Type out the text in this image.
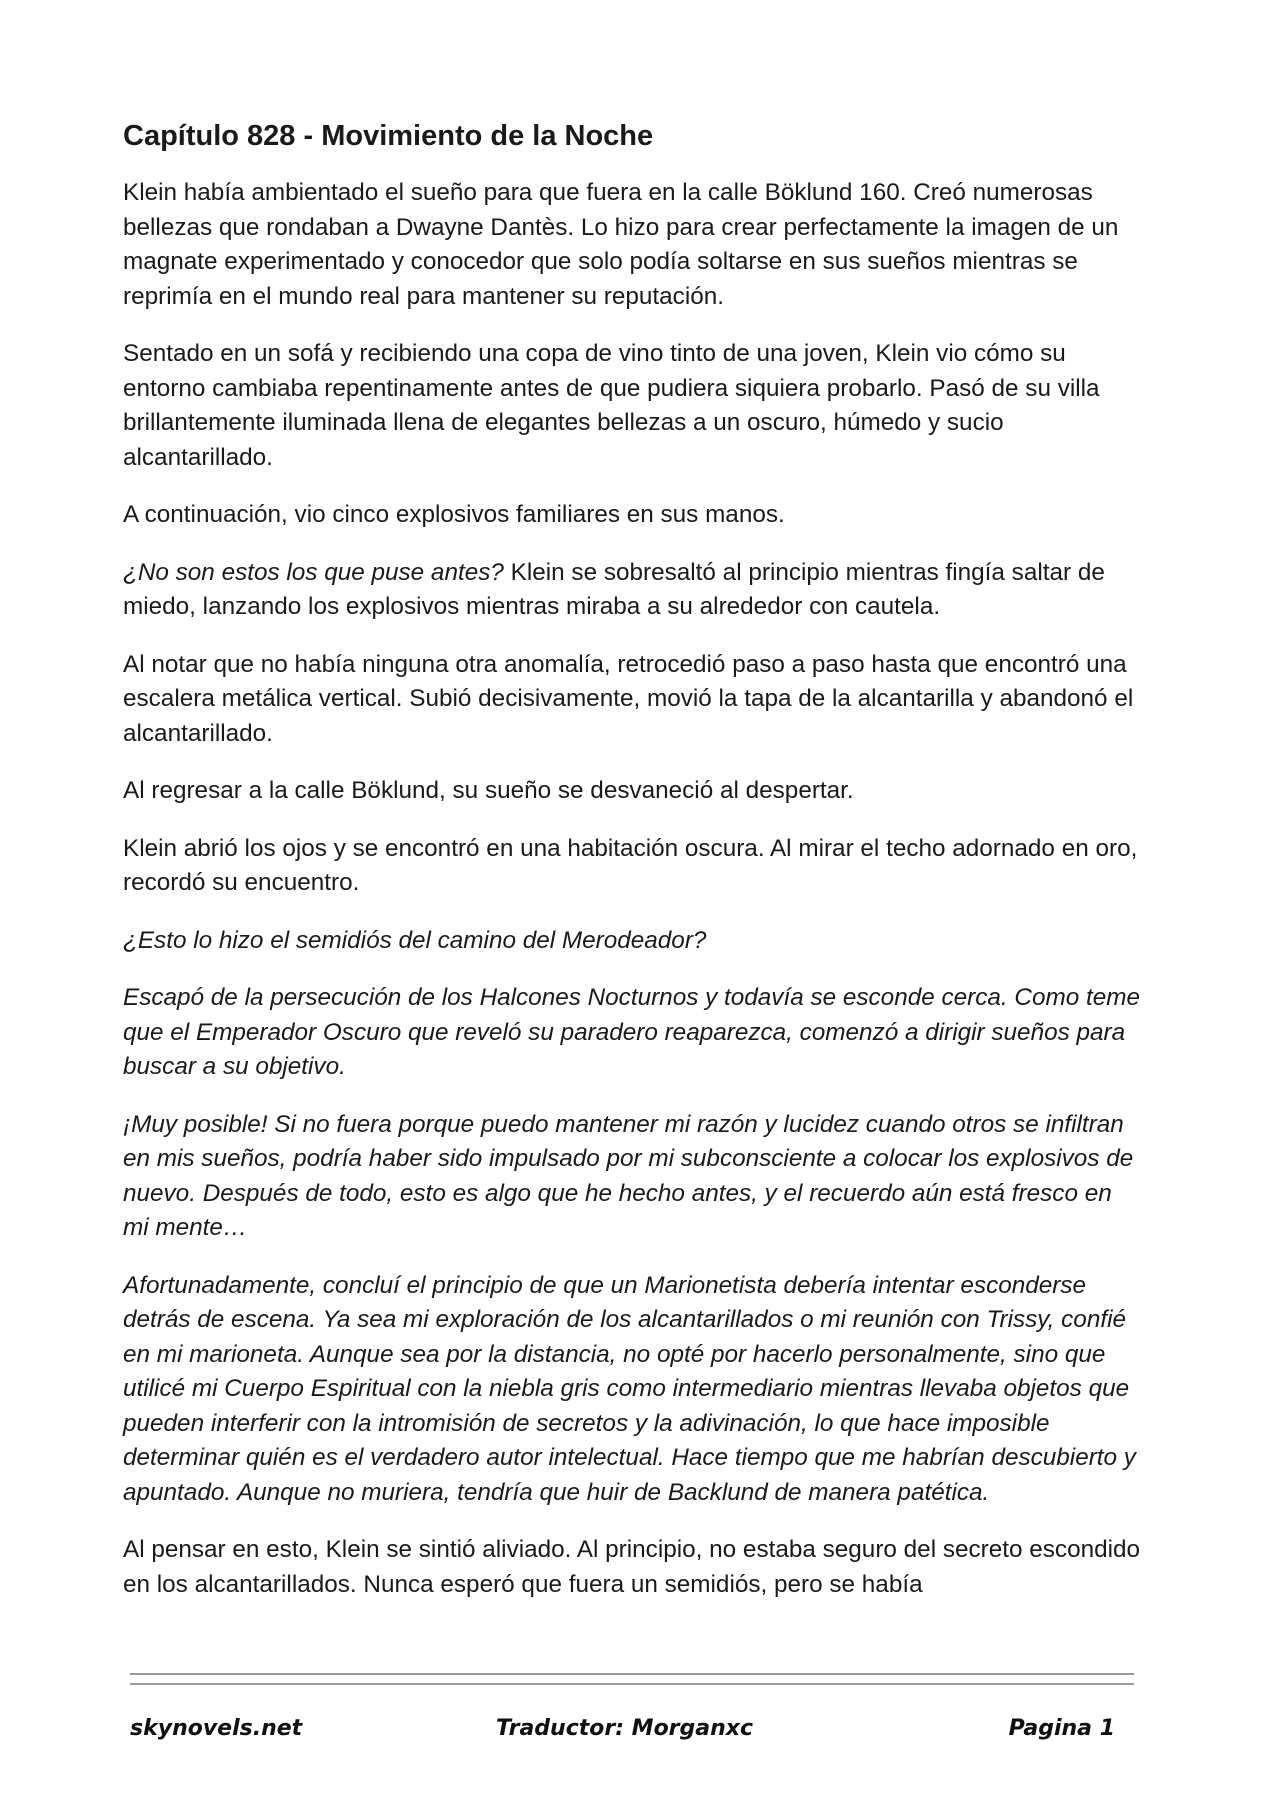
Capítulo 828 - Movimiento de la Noche

Klein había ambientado el sueño para que fuera en la calle Böklund 160. Creó numerosas bellezas que rondaban a Dwayne Dantès. Lo hizo para crear perfectamente la imagen de un magnate experimentado y conocedor que solo podía soltarse en sus sueños mientras se reprimía en el mundo real para mantener su reputación.

Sentado en un sofá y recibiendo una copa de vino tinto de una joven, Klein vio cómo su entorno cambiaba repentinamente antes de que pudiera siquiera probarlo. Pasó de su villa brillantemente iluminada llena de elegantes bellezas a un oscuro, húmedo y sucio alcantarillado.

A continuación, vio cinco explosivos familiares en sus manos.

¿No son estos los que puse antes? Klein se sobresaltó al principio mientras fingía saltar de miedo, lanzando los explosivos mientras miraba a su alrededor con cautela.

Al notar que no había ninguna otra anomalía, retrocedió paso a paso hasta que encontró una escalera metálica vertical. Subió decisivamente, movió la tapa de la alcantarilla y abandonó el alcantarillado.

Al regresar a la calle Böklund, su sueño se desvaneció al despertar.

Klein abrió los ojos y se encontró en una habitación oscura. Al mirar el techo adornado en oro, recordó su encuentro.

¿Esto lo hizo el semidiós del camino del Merodeador?

Escapó de la persecución de los Halcones Nocturnos y todavía se esconde cerca. Como teme que el Emperador Oscuro que reveló su paradero reaparezca, comenzó a dirigir sueños para buscar a su objetivo.

¡Muy posible! Si no fuera porque puedo mantener mi razón y lucidez cuando otros se infiltran en mis sueños, podría haber sido impulsado por mi subconsciente a colocar los explosivos de nuevo. Después de todo, esto es algo que he hecho antes, y el recuerdo aún está fresco en mi mente…

Afortunadamente, concluí el principio de que un Marionetista debería intentar esconderse detrás de escena. Ya sea mi exploración de los alcantarillados o mi reunión con Trissy, confié en mi marioneta. Aunque sea por la distancia, no opté por hacerlo personalmente, sino que utilicé mi Cuerpo Espiritual con la niebla gris como intermediario mientras llevaba objetos que pueden interferir con la intromisión de secretos y la adivinación, lo que hace imposible determinar quién es el verdadero autor intelectual. Hace tiempo que me habrían descubierto y apuntado. Aunque no muriera, tendría que huir de Backlund de manera patética.

Al pensar en esto, Klein se sintió aliviado. Al principio, no estaba seguro del secreto escondido en los alcantarillados. Nunca esperó que fuera un semidiós, pero se había

skynovels.net	Traductor: Morganxc	Pagina 1
